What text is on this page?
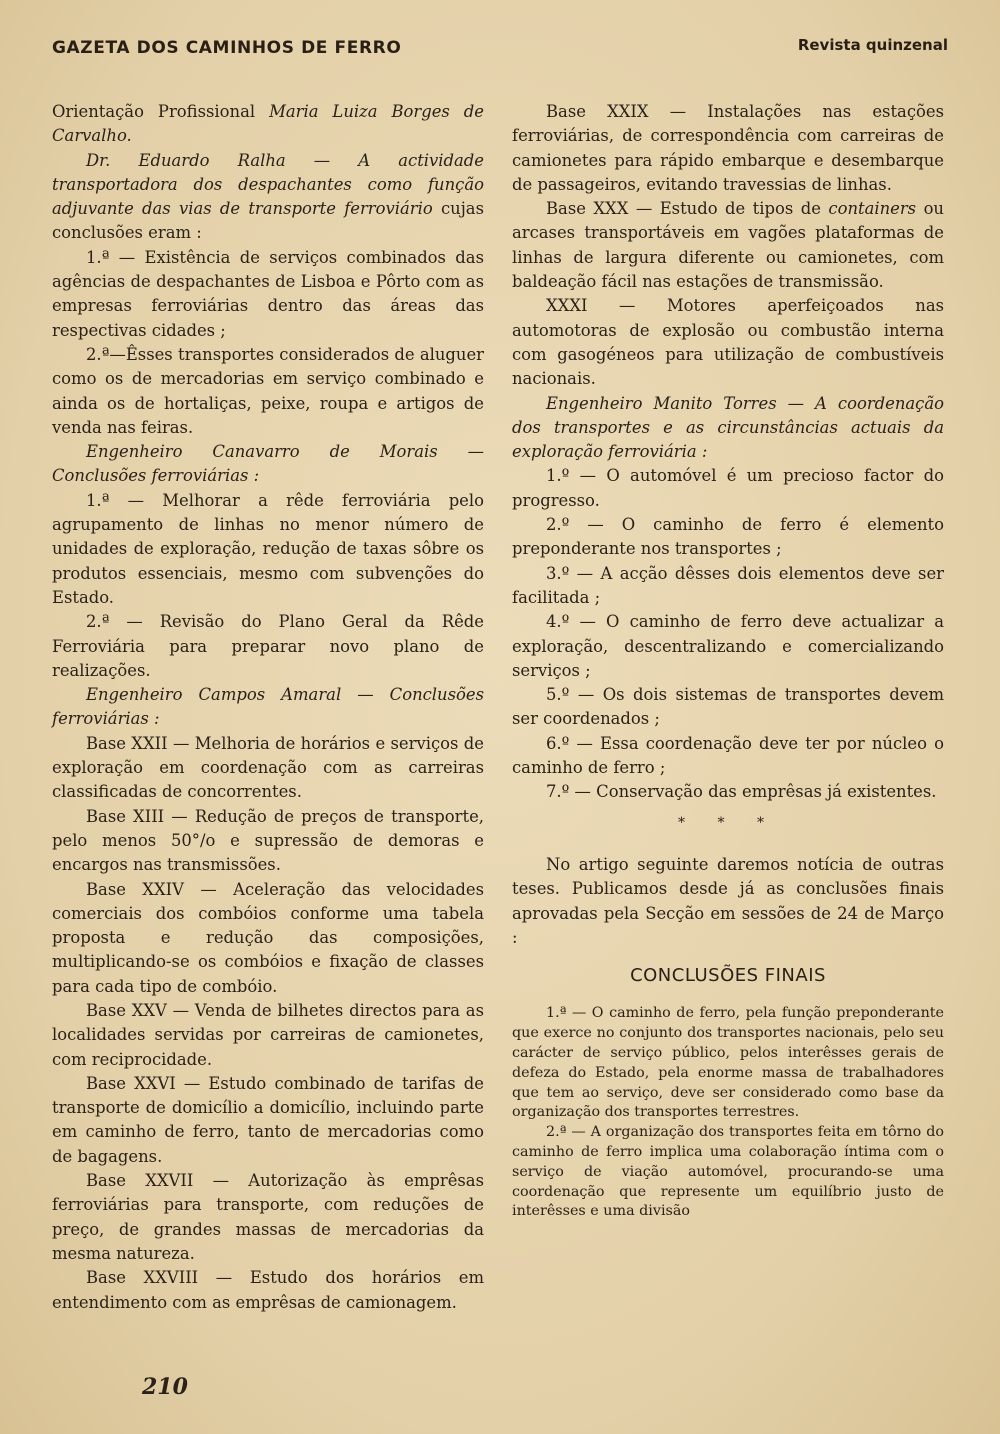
GAZETA DOS CAMINHOS DE FERRO	Revista quinzenal

Orientação Profissional Maria Luiza Borges de Carvalho.

Dr. Eduardo Ralha — A actividade transportadora dos despachantes como função adjuvante das vias de transporte ferroviário cujas conclusões eram :

1.ª — Existência de serviços combinados das agências de despachantes de Lisboa e Pôrto com as empresas ferroviárias dentro das áreas das respectivas cidades ;

2.ª—Êsses transportes considerados de aluguer como os de mercadorias em serviço combinado e ainda os de hortaliças, peixe, roupa e artigos de venda nas feiras.

Engenheiro Canavarro de Morais — Conclusões ferroviárias :

1.ª — Melhorar a rêde ferroviária pelo agrupamento de linhas no menor número de unidades de exploração, redução de taxas sôbre os produtos essenciais, mesmo com subvenções do Estado.

2.ª — Revisão do Plano Geral da Rêde Ferroviária para preparar novo plano de realizações.

Engenheiro Campos Amaral — Conclusões ferroviárias :

Base XXII — Melhoria de horários e serviços de exploração em coordenação com as carreiras classificadas de concorrentes.

Base XIII — Redução de preços de transporte, pelo menos 50°/o e supressão de demoras e encargos nas transmissões.

Base XXIV — Aceleração das velocidades comerciais dos combóios conforme uma tabela proposta e redução das composições, multiplicando-se os combóios e fixação de classes para cada tipo de combóio.

Base XXV — Venda de bilhetes directos para as localidades servidas por carreiras de camionetes, com reciprocidade.

Base XXVI — Estudo combinado de tarifas de transporte de domicílio a domicílio, incluindo parte em caminho de ferro, tanto de mercadorias como de bagagens.

Base XXVII — Autorização às emprêsas ferroviárias para transporte, com reduções de preço, de grandes massas de mercadorias da mesma natureza.

Base XXVIII — Estudo dos horários em entendimento com as emprêsas de camionagem.

Base XXIX — Instalações nas estações ferroviárias, de correspondência com carreiras de camionetes para rápido embarque e desembarque de passageiros, evitando travessias de linhas.

Base XXX — Estudo de tipos de containers ou arcases transportáveis em vagões plataformas de linhas de largura diferente ou camionetes, com baldeação fácil nas estações de transmissão.

XXXI — Motores aperfeiçoados nas automotoras de explosão ou combustão interna com gasogéneos para utilização de combustíveis nacionais.

Engenheiro Manito Torres — A coordenação dos transportes e as circunstâncias actuais da exploração ferroviária :

1.º — O automóvel é um precioso factor do progresso.

2.º — O caminho de ferro é elemento preponderante nos transportes ;

3.º — A acção dêsses dois elementos deve ser facilitada ;

4.º — O caminho de ferro deve actualizar a exploração, descentralizando e comercializando serviços ;

5.º — Os dois sistemas de transportes devem ser coordenados ;

6.º — Essa coordenação deve ter por núcleo o caminho de ferro ;

7.º — Conservação das emprêsas já existentes.

* * *

No artigo seguinte daremos notícia de outras teses. Publicamos desde já as conclusões finais aprovadas pela Secção em sessões de 24 de Março :

CONCLUSÕES FINAIS

1.ª — O caminho de ferro, pela função preponderante que exerce no conjunto dos transportes nacionais, pelo seu carácter de serviço público, pelos interêsses gerais de defeza do Estado, pela enorme massa de trabalhadores que tem ao serviço, deve ser considerado como base da organização dos transportes terrestres.

2.ª — A organização dos transportes feita em tôrno do caminho de ferro implica uma colaboração íntima com o serviço de viação automóvel, procurando-se uma coordenação que represente um equilíbrio justo de interêsses e uma divisão

210
